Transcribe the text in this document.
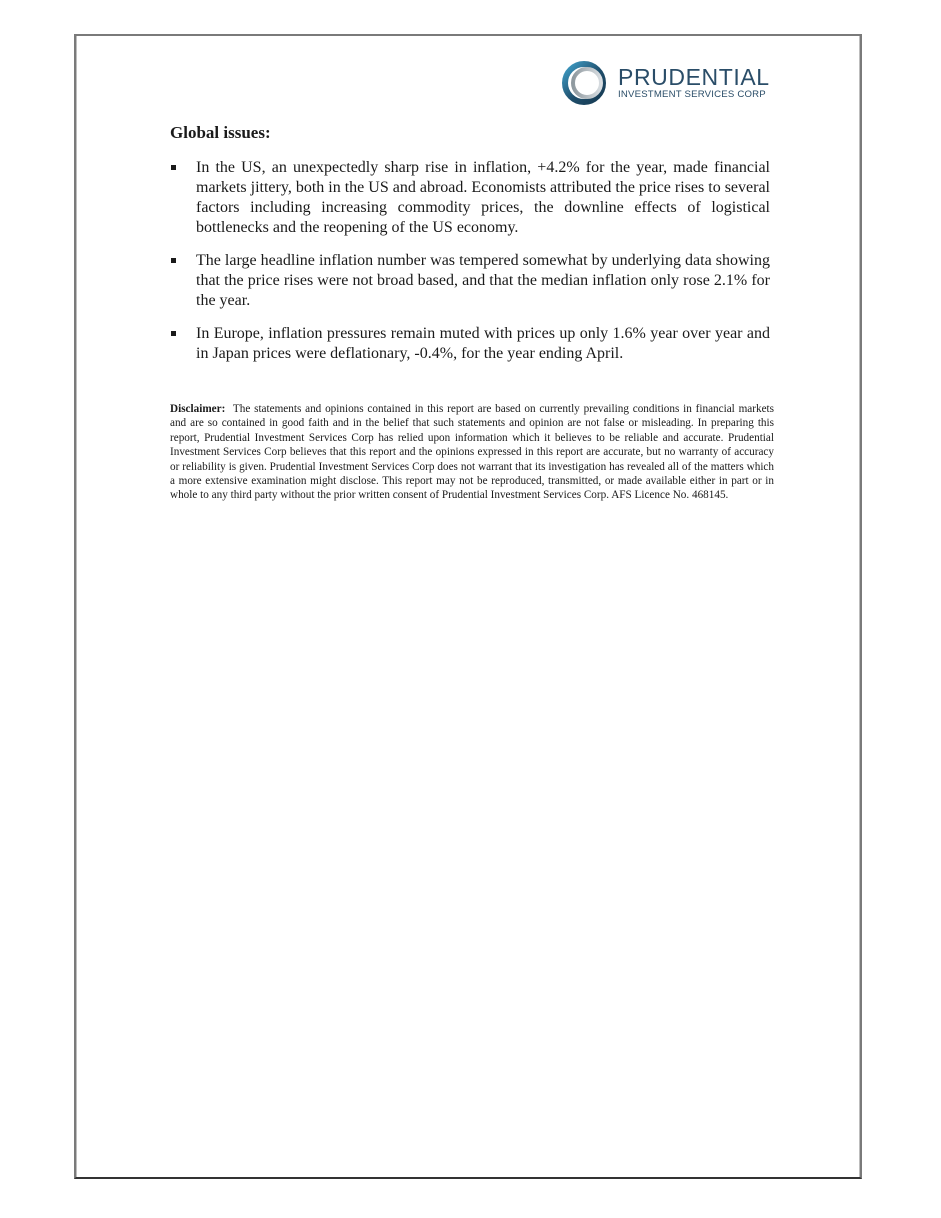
PRUDENTIAL
INVESTMENT SERVICES CORP
Global issues:
In the US, an unexpectedly sharp rise in inflation, +4.2% for the year, made financial markets jittery, both in the US and abroad. Economists attributed the price rises to several factors including increasing commodity prices, the downline effects of logistical bottlenecks and the reopening of the US economy.
The large headline inflation number was tempered somewhat by underlying data showing that the price rises were not broad based, and that the median inflation only rose 2.1% for the year.
In Europe, inflation pressures remain muted with prices up only 1.6% year over year and in Japan prices were deflationary, -0.4%, for the year ending April.
Disclaimer: The statements and opinions contained in this report are based on currently prevailing conditions in financial markets and are so contained in good faith and in the belief that such statements and opinion are not false or misleading. In preparing this report, Prudential Investment Services Corp has relied upon information which it believes to be reliable and accurate. Prudential Investment Services Corp believes that this report and the opinions expressed in this report are accurate, but no warranty of accuracy or reliability is given. Prudential Investment Services Corp does not warrant that its investigation has revealed all of the matters which a more extensive examination might disclose. This report may not be reproduced, transmitted, or made available either in part or in whole to any third party without the prior written consent of Prudential Investment Services Corp. AFS Licence No. 468145.
